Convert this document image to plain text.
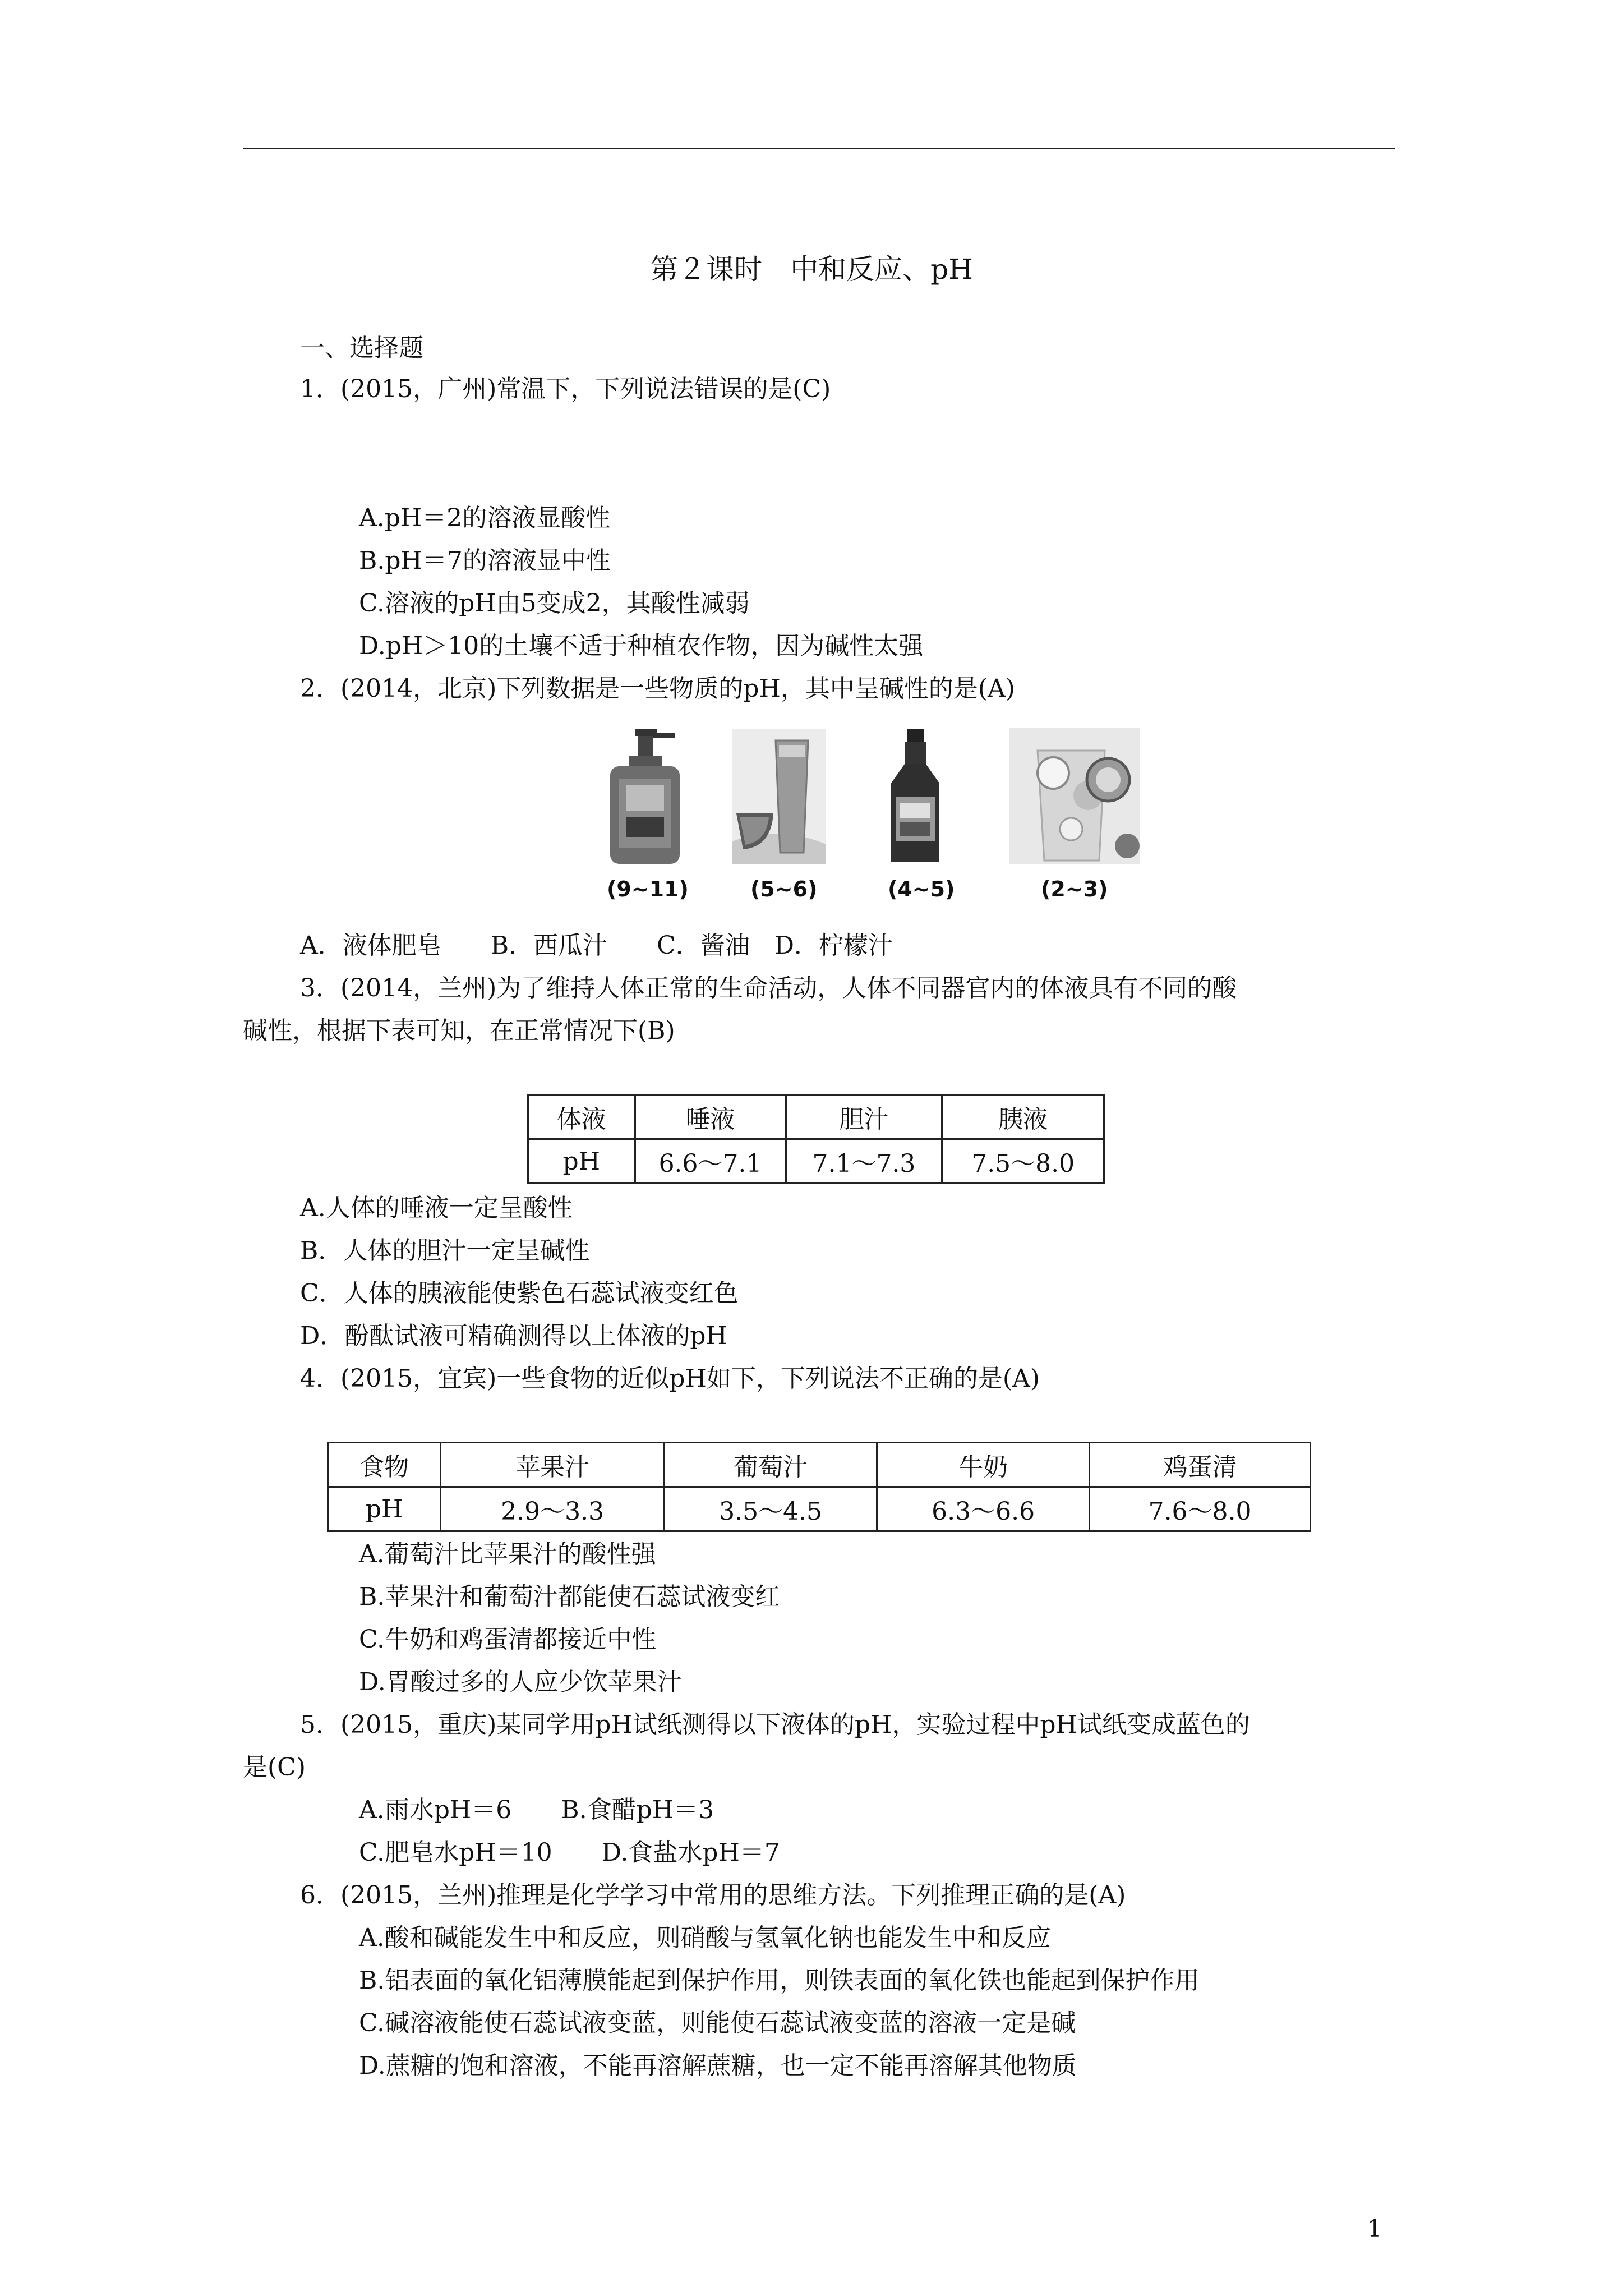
第２课时　中和反应、pH
一、选择题
1．(2015，广州)常温下，下列说法错误的是(C)
A.pH＝2的溶液显酸性
B.pH＝7的溶液显中性
C.溶液的pH由5变成2，其酸性减弱
D.pH＞10的土壤不适于种植农作物，因为碱性太强
2．(2014，北京)下列数据是一些物质的pH，其中呈碱性的是(A)
(9~11)	(5~6)	(4~5)	(2~3)
A．液体肥皂　　B．西瓜汁　　C．酱油　D．柠檬汁
3．(2014，兰州)为了维持人体正常的生命活动，人体不同器官内的体液具有不同的酸
碱性，根据下表可知，在正常情况下(B)
体液	唾液	胆汁	胰液
pH	6.6～7.1	7.1～7.3	7.5～8.0
A.人体的唾液一定呈酸性
B．人体的胆汁一定呈碱性
C．人体的胰液能使紫色石蕊试液变红色
D．酚酞试液可精确测得以上体液的pH
4．(2015，宜宾)一些食物的近似pH如下，下列说法不正确的是(A)
食物	苹果汁	葡萄汁	牛奶	鸡蛋清
pH	2.9～3.3	3.5～4.5	6.3～6.6	7.6～8.0
A.葡萄汁比苹果汁的酸性强
B.苹果汁和葡萄汁都能使石蕊试液变红
C.牛奶和鸡蛋清都接近中性
D.胃酸过多的人应少饮苹果汁
5．(2015，重庆)某同学用pH试纸测得以下液体的pH，实验过程中pH试纸变成蓝色的
是(C)
A.雨水pH＝6　　B.食醋pH＝3
C.肥皂水pH＝10　　D.食盐水pH＝7
6．(2015，兰州)推理是化学学习中常用的思维方法。下列推理正确的是(A)
A.酸和碱能发生中和反应，则硝酸与氢氧化钠也能发生中和反应
B.铝表面的氧化铝薄膜能起到保护作用，则铁表面的氧化铁也能起到保护作用
C.碱溶液能使石蕊试液变蓝，则能使石蕊试液变蓝的溶液一定是碱
D.蔗糖的饱和溶液，不能再溶解蔗糖，也一定不能再溶解其他物质
1
